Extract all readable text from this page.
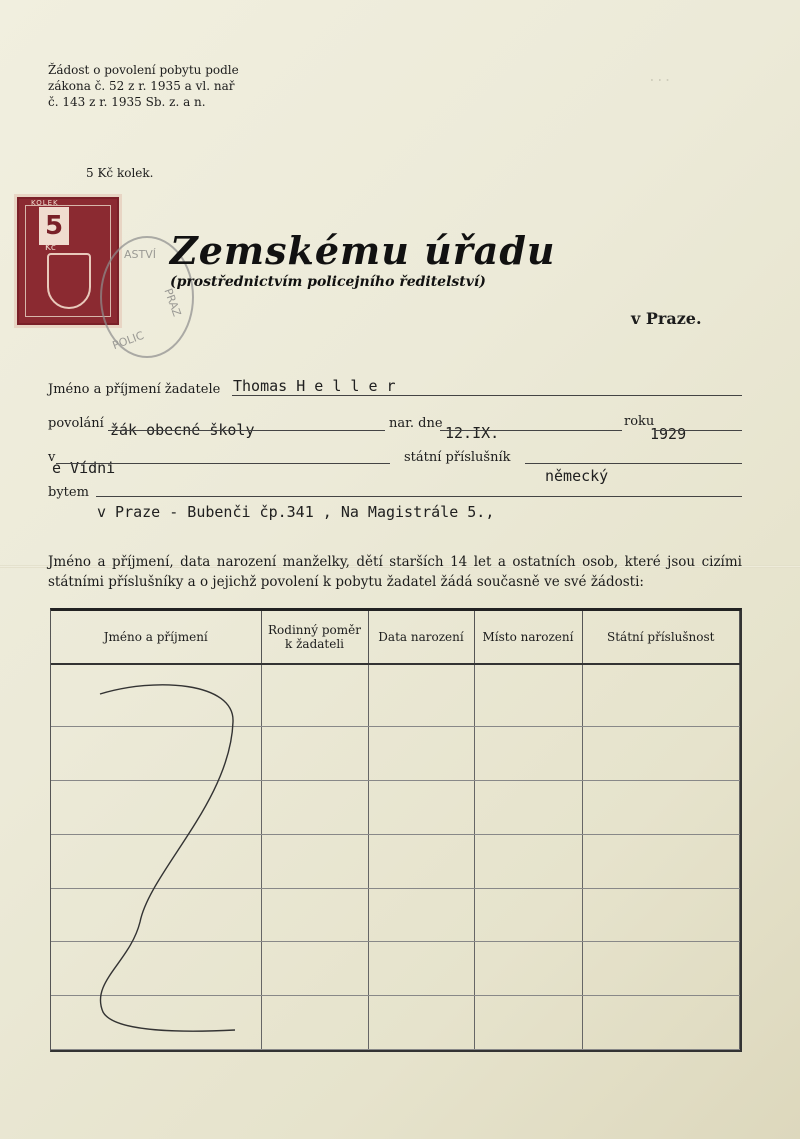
...
Žádost o povolení pobytu podle
zákona č. 52 z r. 1935 a vl. nař
č. 143 z r. 1935 Sb. z. a n.
5 Kč kolek.
KOLEK
5
Kč	ASTVÍ
PRAZ
POLIC
Zemskému úřadu
(prostřednictvím policejního ředitelství)
v Praze.
Jméno a příjmení žadatele Thomas H e l l e r
povolání žák obecné školy	nar. dne
12.IX.
roku
1929
v
e Vídni
státní příslušník
německý
bytem
v Praze - Bubenči čp.341 , Na Magistrále 5.,
Jméno a příjmení, data narození manželky, dětí starších 14 let a ostatních osob, které jsou cizími státními příslušníky a o jejichž povolení k pobytu žadatel žádá současně ve své žádosti:
Jméno a příjmení	Rodinný poměr k žadateli	Data narození	Místo narození	Státní příslušnost
